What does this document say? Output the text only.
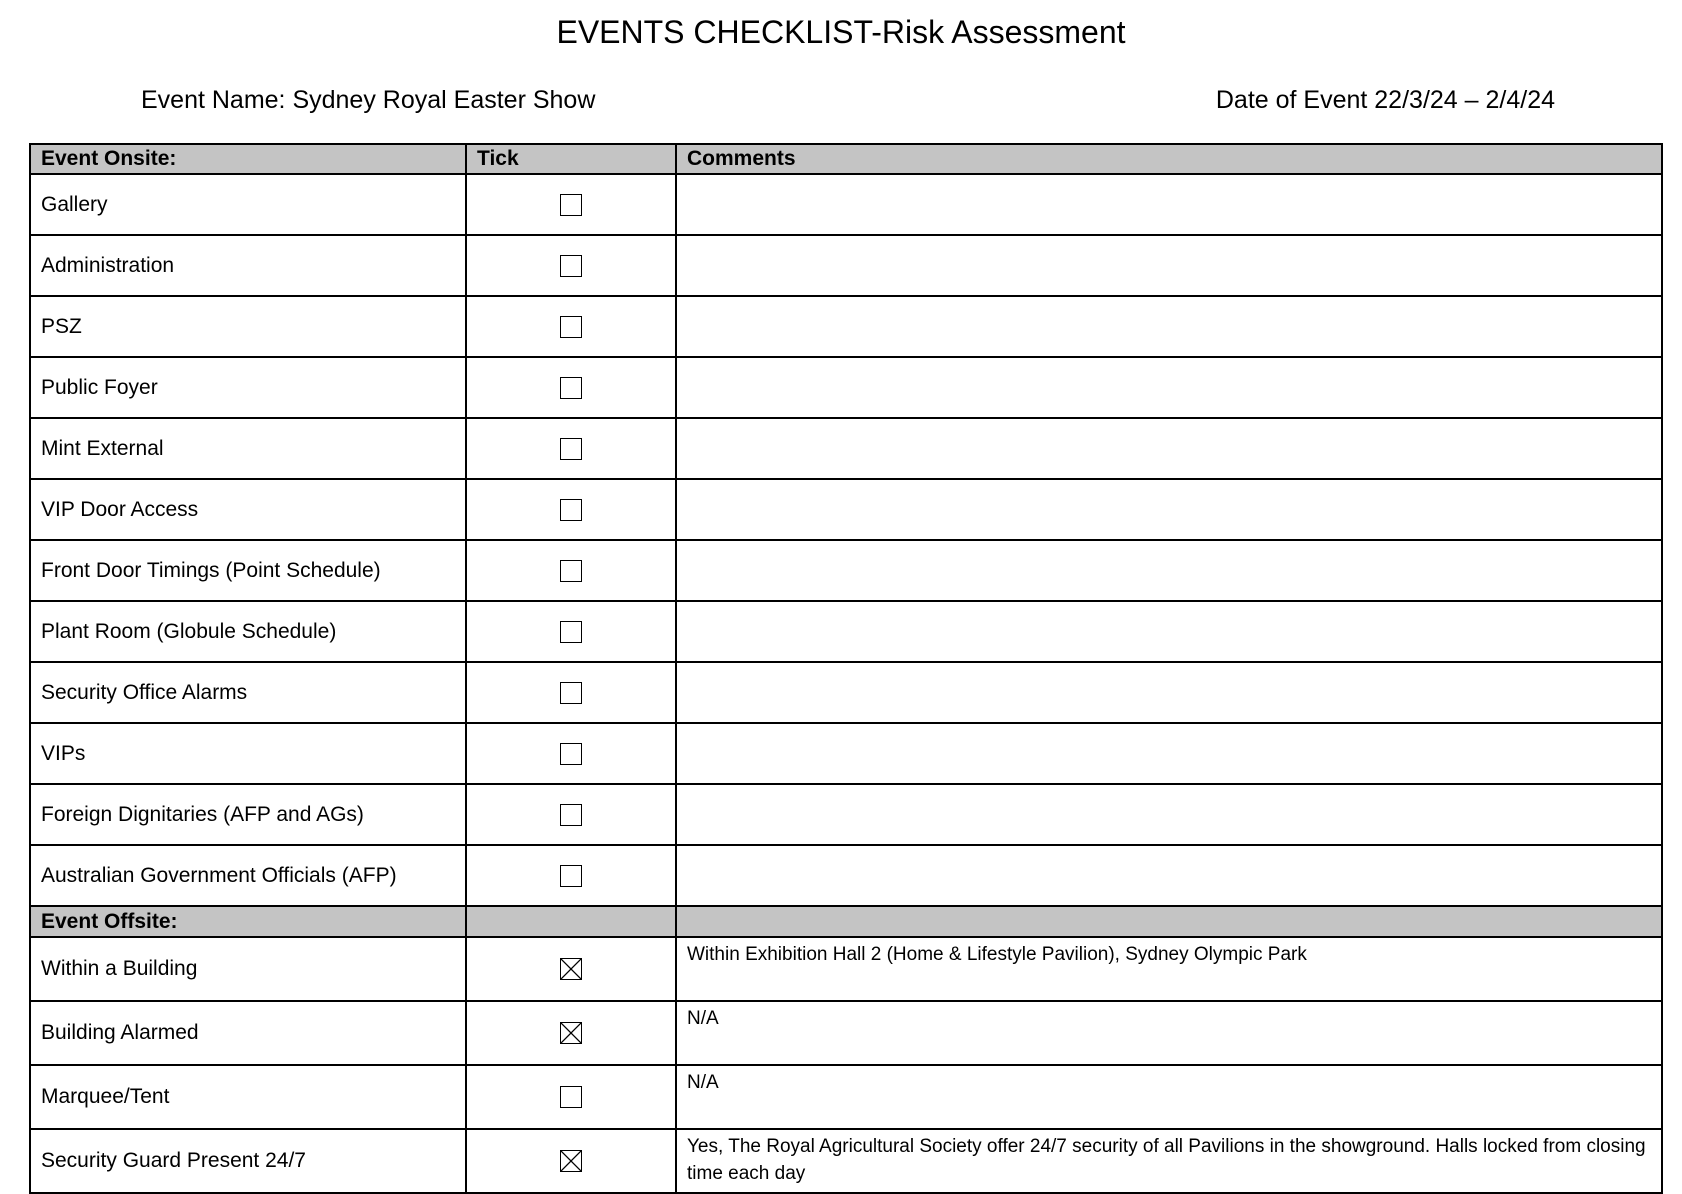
EVENTS CHECKLIST-Risk Assessment
Event Name: Sydney Royal Easter Show	Date of Event 22/3/24 – 2/4/24
Event Onsite:	Tick	Comments
Gallery		
Administration		
PSZ		
Public Foyer		
Mint External		
VIP Door Access		
Front Door Timings (Point Schedule)		
Plant Room (Globule Schedule)		
Security Office Alarms		
VIPs		
Foreign Dignitaries (AFP and AGs)		
Australian Government Officials (AFP)		
Event Offsite:		
Within a Building		Within Exhibition Hall 2 (Home & Lifestyle Pavilion), Sydney Olympic Park
Building Alarmed		N/A
Marquee/Tent		N/A
Security Guard Present 24/7		Yes, The Royal Agricultural Society offer 24/7 security of all Pavilions in the showground. Halls locked from closing time each day
